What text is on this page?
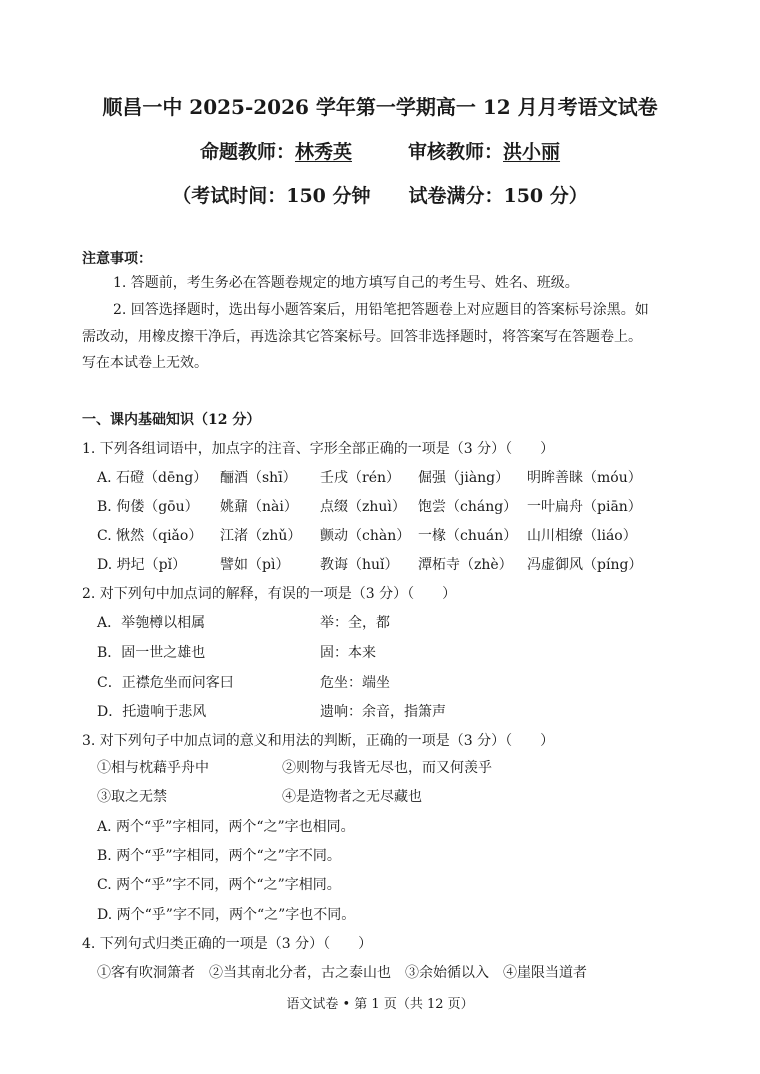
顺昌一中 2025-2026 学年第一学期高一 12 月月考语文试卷
命题教师：林秀英	审核教师：洪小丽
（考试时间：150 分钟　　试卷满分：150 分）
注意事项：
1. 答题前，考生务必在答题卷规定的地方填写自己的考生号、姓名、班级。
2. 回答选择题时，选出每小题答案后，用铅笔把答题卷上对应题目的答案标号涂黑。如
需改动，用橡皮擦干净后，再选涂其它答案标号。回答非选择题时，将答案写在答题卷上。
写在本试卷上无效。
一、课内基础知识（12 分）
1. 下列各组词语中，加点字的注音、字形全部正确的一项是（3 分）（　　）
A. 石磴（dēng） 酾酒（shī） 壬戌（rén） 倔强（jiàng） 明眸善睐（móu）
B. 佝偻（gōu） 姚鼐（nài） 点缀（zhuì） 饱尝（cháng） 一叶扁舟（piān）
C. 愀然（qiǎo） 江渚（zhǔ） 颤动（chàn） 一椽（chuán） 山川相缭（liáo）
D. 坍圮（pǐ） 譬如（pì） 教诲（huǐ） 潭柘寺（zhè） 冯虚御风（píng）
2. 对下列句中加点词的解释，有误的一项是（3 分）（　　）
A．举匏樽以相属	举：全，都
B．固一世之雄也	固：本来
C．正襟危坐而问客曰	危坐：端坐
D．托遗响于悲风	遗响：余音，指箫声
3. 对下列句子中加点词的意义和用法的判断，正确的一项是（3 分）（　　）
①相与枕藉乎舟中	②则物与我皆无尽也，而又何羡乎
③取之无禁	④是造物者之无尽藏也
A. 两个“乎”字相同，两个“之”字也相同。
B. 两个“乎”字相同，两个“之”字不同。
C. 两个“乎”字不同，两个“之”字相同。
D. 两个“乎”字不同，两个“之”字也不同。
4. 下列句式归类正确的一项是（3 分）（　　）
①客有吹洞箫者　②当其南北分者，古之泰山也　③余始循以入　④崖限当道者
语文试卷 • 第 1 页（共 12 页）
